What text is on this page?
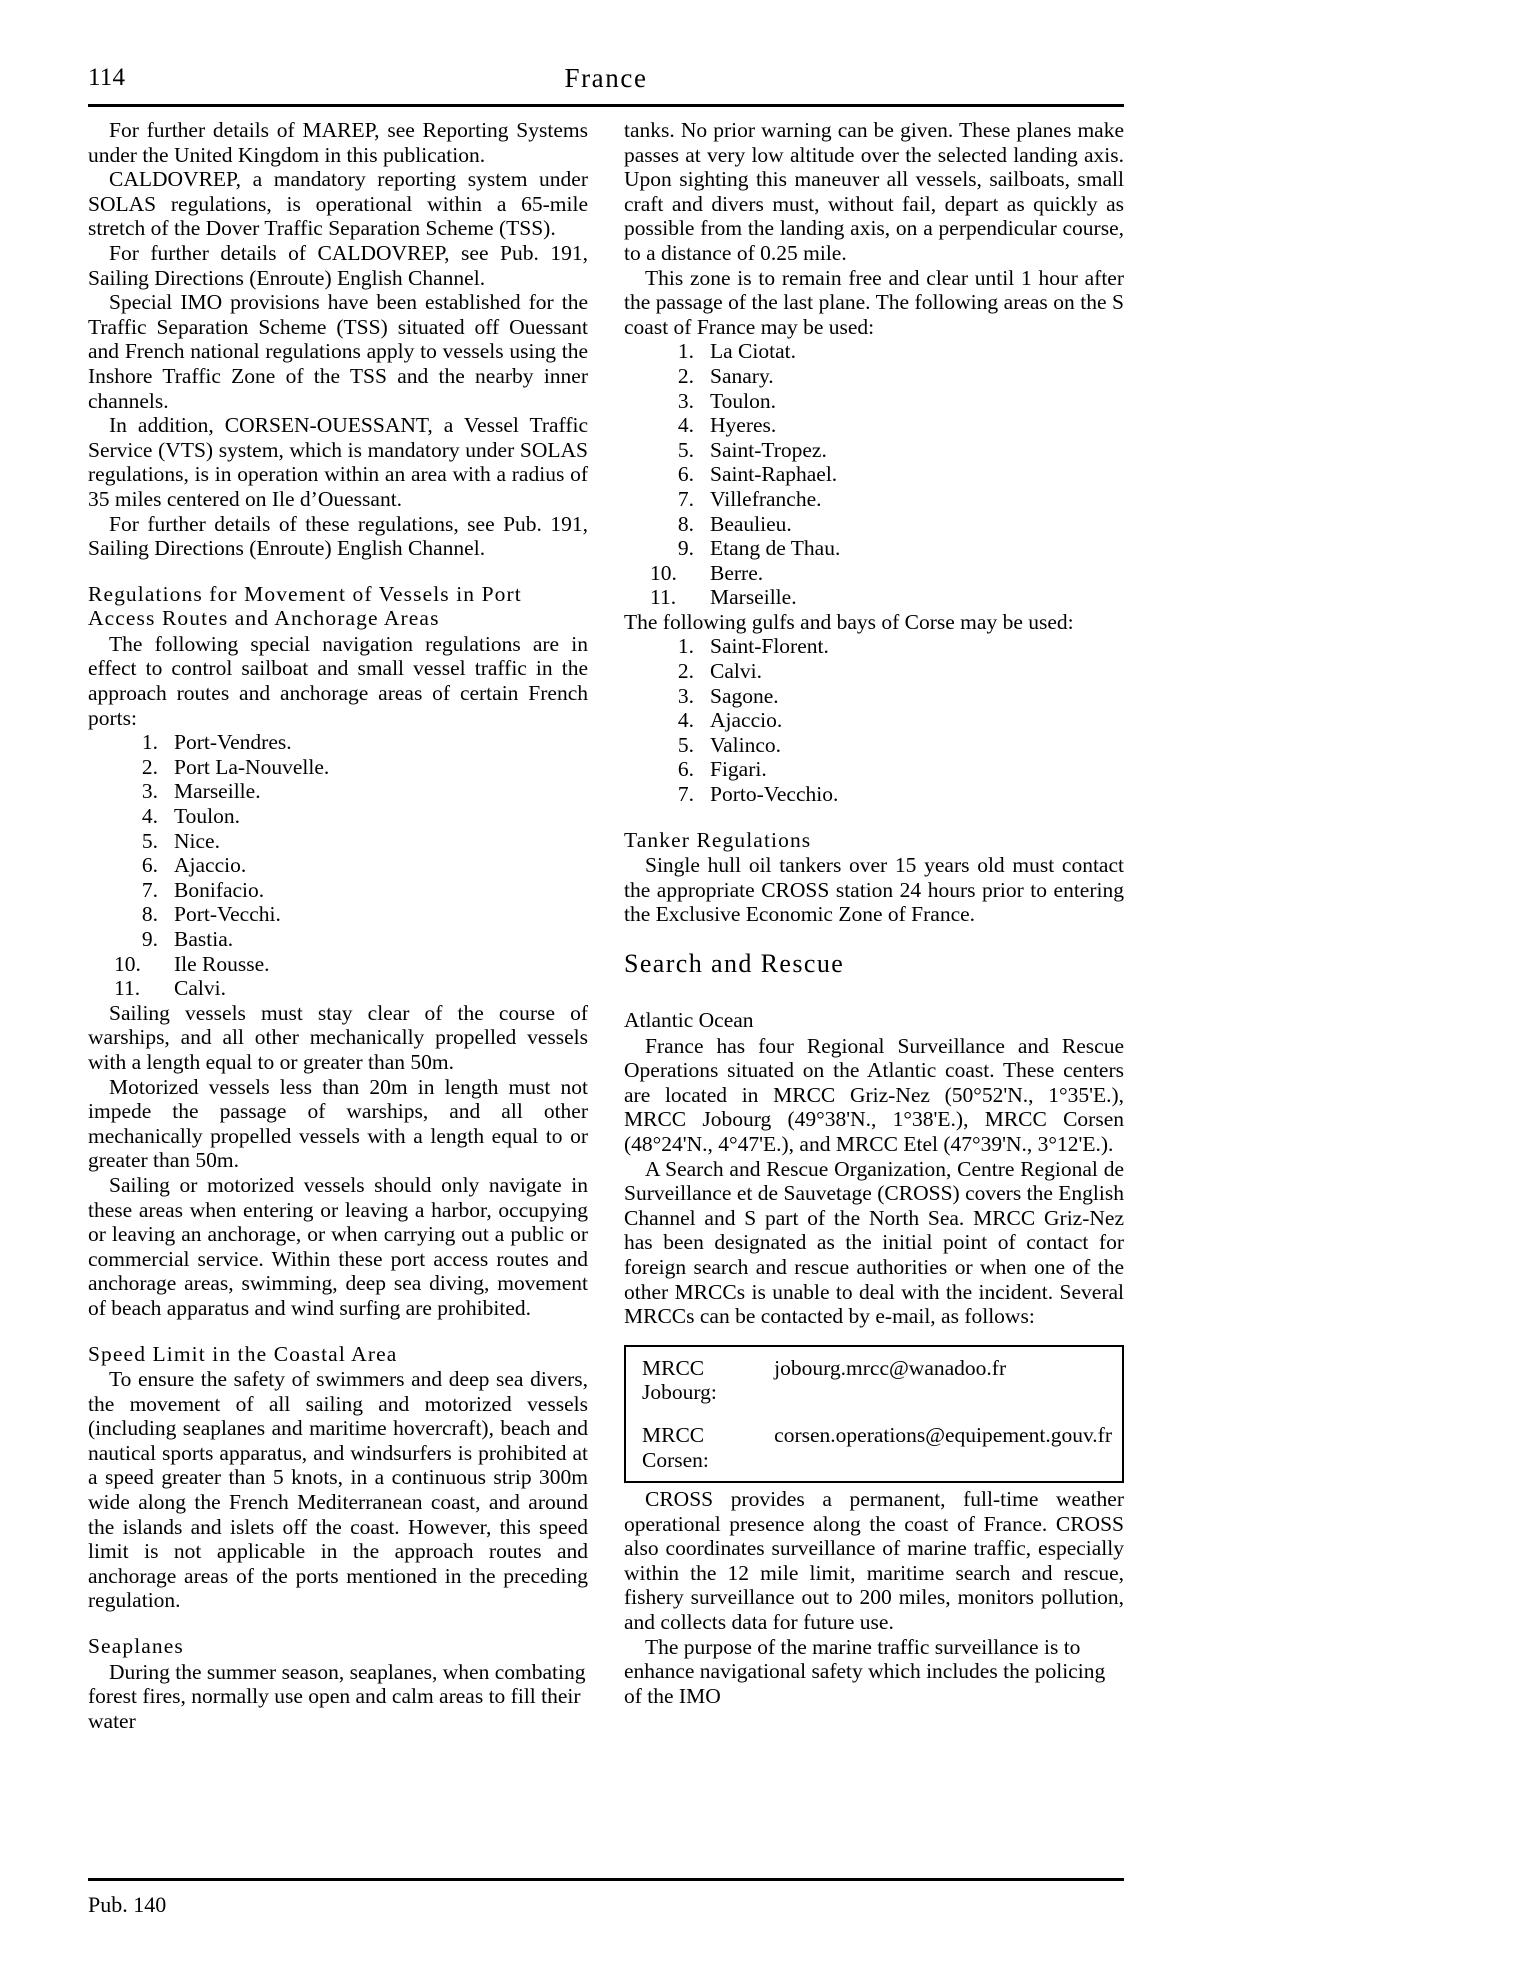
114	France

For further details of MAREP, see Reporting Systems under the United Kingdom in this publication.

CALDOVREP, a mandatory reporting system under SOLAS regulations, is operational within a 65-mile stretch of the Dover Traffic Separation Scheme (TSS).

For further details of CALDOVREP, see Pub. 191, Sailing Directions (Enroute) English Channel.

Special IMO provisions have been established for the Traffic Separation Scheme (TSS) situated off Ouessant and French national regulations apply to vessels using the Inshore Traffic Zone of the TSS and the nearby inner channels.

In addition, CORSEN-OUESSANT, a Vessel Traffic Service (VTS) system, which is mandatory under SOLAS regulations, is in operation within an area with a radius of 35 miles centered on Ile d’Ouessant.

For further details of these regulations, see Pub. 191, Sailing Directions (Enroute) English Channel.

Regulations for Movement of Vessels in Port Access Routes and Anchorage Areas

The following special navigation regulations are in effect to control sailboat and small vessel traffic in the approach routes and anchorage areas of certain French ports:

1. Port-Vendres.
2. Port La-Nouvelle.
3. Marseille.
4. Toulon.
5. Nice.
6. Ajaccio.
7. Bonifacio.
8. Port-Vecchi.
9. Bastia.
10.	Ile Rousse.
11.	Calvi.

Sailing vessels must stay clear of the course of warships, and all other mechanically propelled vessels with a length equal to or greater than 50m.

Motorized vessels less than 20m in length must not impede the passage of warships, and all other mechanically propelled vessels with a length equal to or greater than 50m.

Sailing or motorized vessels should only navigate in these areas when entering or leaving a harbor, occupying or leaving an anchorage, or when carrying out a public or commercial service. Within these port access routes and anchorage areas, swimming, deep sea diving, movement of beach apparatus and wind surfing are prohibited.

Speed Limit in the Coastal Area

To ensure the safety of swimmers and deep sea divers, the movement of all sailing and motorized vessels (including seaplanes and maritime hovercraft), beach and nautical sports apparatus, and windsurfers is prohibited at a speed greater than 5 knots, in a continuous strip 300m wide along the French Mediterranean coast, and around the islands and islets off the coast. However, this speed limit is not applicable in the approach routes and anchorage areas of the ports mentioned in the preceding regulation.

Seaplanes

During the summer season, seaplanes, when combating forest fires, normally use open and calm areas to fill their water

tanks. No prior warning can be given. These planes make passes at very low altitude over the selected landing axis. Upon sighting this maneuver all vessels, sailboats, small craft and divers must, without fail, depart as quickly as possible from the landing axis, on a perpendicular course, to a distance of 0.25 mile.

This zone is to remain free and clear until 1 hour after the passage of the last plane. The following areas on the S coast of France may be used:

1. La Ciotat.
2. Sanary.
3. Toulon.
4. Hyeres.
5. Saint-Tropez.
6. Saint-Raphael.
7. Villefranche.
8. Beaulieu.
9. Etang de Thau.
10.	Berre.
11.	Marseille.

The following gulfs and bays of Corse may be used:

1. Saint-Florent.
2. Calvi.
3. Sagone.
4. Ajaccio.
5. Valinco.
6. Figari.
7. Porto-Vecchio.
Tanker Regulations

Single hull oil tankers over 15 years old must contact the appropriate CROSS station 24 hours prior to entering the Exclusive Economic Zone of France.

Search and Rescue
Atlantic Ocean

France has four Regional Surveillance and Rescue Operations situated on the Atlantic coast. These centers are located in MRCC Griz-Nez (50°52'N., 1°35'E.), MRCC Jobourg (49°38'N., 1°38'E.), MRCC Corsen (48°24'N., 4°47'E.), and MRCC Etel (47°39'N., 3°12'E.).

A Search and Rescue Organization, Centre Regional de Surveillance et de Sauvetage (CROSS) covers the English Channel and S part of the North Sea. MRCC Griz-Nez has been designated as the initial point of contact for foreign search and rescue authorities or when one of the other MRCCs is unable to deal with the incident. Several MRCCs can be contacted by e-mail, as follows:

MRCC Jobourg:	jobourg.mrcc@wanadoo.fr
MRCC Corsen:	corsen.operations@equipement.gouv.fr

CROSS provides a permanent, full-time weather operational presence along the coast of France. CROSS also coordinates surveillance of marine traffic, especially within the 12 mile limit, maritime search and rescue, fishery surveillance out to 200 miles, monitors pollution, and collects data for future use.

The purpose of the marine traffic surveillance is to enhance navigational safety which includes the policing of the IMO

Pub. 140
